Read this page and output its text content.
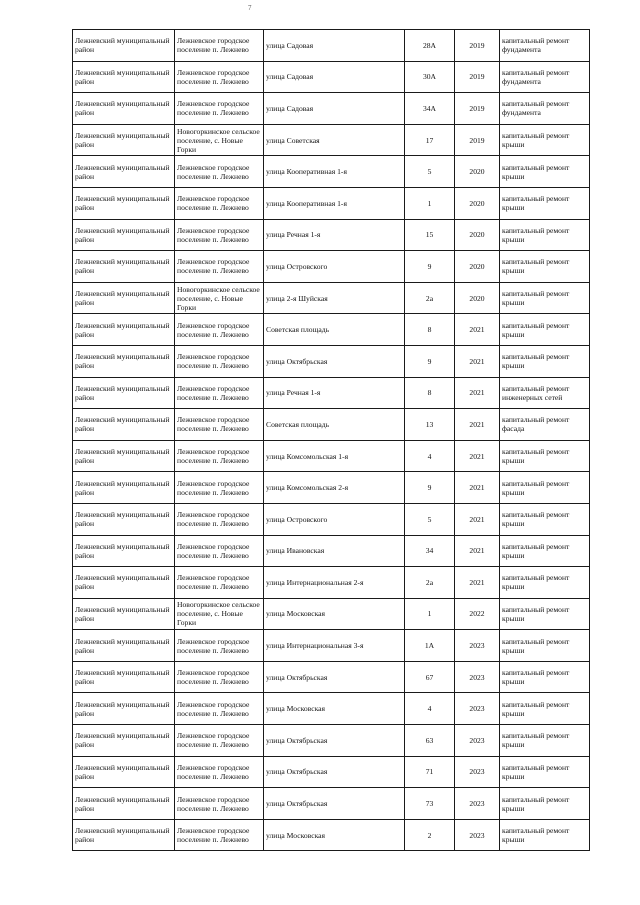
7
Лежневский муниципальный район	Лежневское городское поселение п. Лежнево	улица Садовая	28А	2019	капитальный ремонт фундамента
Лежневский муниципальный район	Лежневское городское поселение п. Лежнево	улица Садовая	30А	2019	капитальный ремонт фундамента
Лежневский муниципальный район	Лежневское городское поселение п. Лежнево	улица Садовая	34А	2019	капитальный ремонт фундамента
Лежневский муниципальный район	Новогоркинское сельское поселение, с. Новые Горки	улица Советская	17	2019	капитальный ремонт крыши
Лежневский муниципальный район	Лежневское городское поселение п. Лежнево	улица Кооперативная 1-я	5	2020	капитальный ремонт крыши
Лежневский муниципальный район	Лежневское городское поселение п. Лежнево	улица Кооперативная 1-я	1	2020	капитальный ремонт крыши
Лежневский муниципальный район	Лежневское городское поселение п. Лежнево	улица Речная 1-я	15	2020	капитальный ремонт крыши
Лежневский муниципальный район	Лежневское городское поселение п. Лежнево	улица Островского	9	2020	капитальный ремонт крыши
Лежневский муниципальный район	Новогоркинское сельское поселение, с. Новые Горки	улица 2-я Шуйская	2а	2020	капитальный ремонт крыши
Лежневский муниципальный район	Лежневское городское поселение п. Лежнево	Советская площадь	8	2021	капитальный ремонт крыши
Лежневский муниципальный район	Лежневское городское поселение п. Лежнево	улица Октябрьская	9	2021	капитальный ремонт крыши
Лежневский муниципальный район	Лежневское городское поселение п. Лежнево	улица Речная 1-я	8	2021	капитальный ремонт инженерных сетей
Лежневский муниципальный район	Лежневское городское поселение п. Лежнево	Советская площадь	13	2021	капитальный ремонт фасада
Лежневский муниципальный район	Лежневское городское поселение п. Лежнево	улица Комсомольская 1-я	4	2021	капитальный ремонт крыши
Лежневский муниципальный район	Лежневское городское поселение п. Лежнево	улица Комсомольская 2-я	9	2021	капитальный ремонт крыши
Лежневский муниципальный район	Лежневское городское поселение п. Лежнево	улица Островского	5	2021	капитальный ремонт крыши
Лежневский муниципальный район	Лежневское городское поселение п. Лежнево	улица Ивановская	34	2021	капитальный ремонт крыши
Лежневский муниципальный район	Лежневское городское поселение п. Лежнево	улица Интернациональная 2-я	2а	2021	капитальный ремонт крыши
Лежневский муниципальный район	Новогоркинское сельское поселение, с. Новые Горки	улица Московская	1	2022	капитальный ремонт крыши
Лежневский муниципальный район	Лежневское городское поселение п. Лежнево	улица Интернациональная 3-я	1А	2023	капитальный ремонт крыши
Лежневский муниципальный район	Лежневское городское поселение п. Лежнево	улица Октябрьская	67	2023	капитальный ремонт крыши
Лежневский муниципальный район	Лежневское городское поселение п. Лежнево	улица Московская	4	2023	капитальный ремонт крыши
Лежневский муниципальный район	Лежневское городское поселение п. Лежнево	улица Октябрьская	63	2023	капитальный ремонт крыши
Лежневский муниципальный район	Лежневское городское поселение п. Лежнево	улица Октябрьская	71	2023	капитальный ремонт крыши
Лежневский муниципальный район	Лежневское городское поселение п. Лежнево	улица Октябрьская	73	2023	капитальный ремонт крыши
Лежневский муниципальный район	Лежневское городское поселение п. Лежнево	улица Московская	2	2023	капитальный ремонт крыши
